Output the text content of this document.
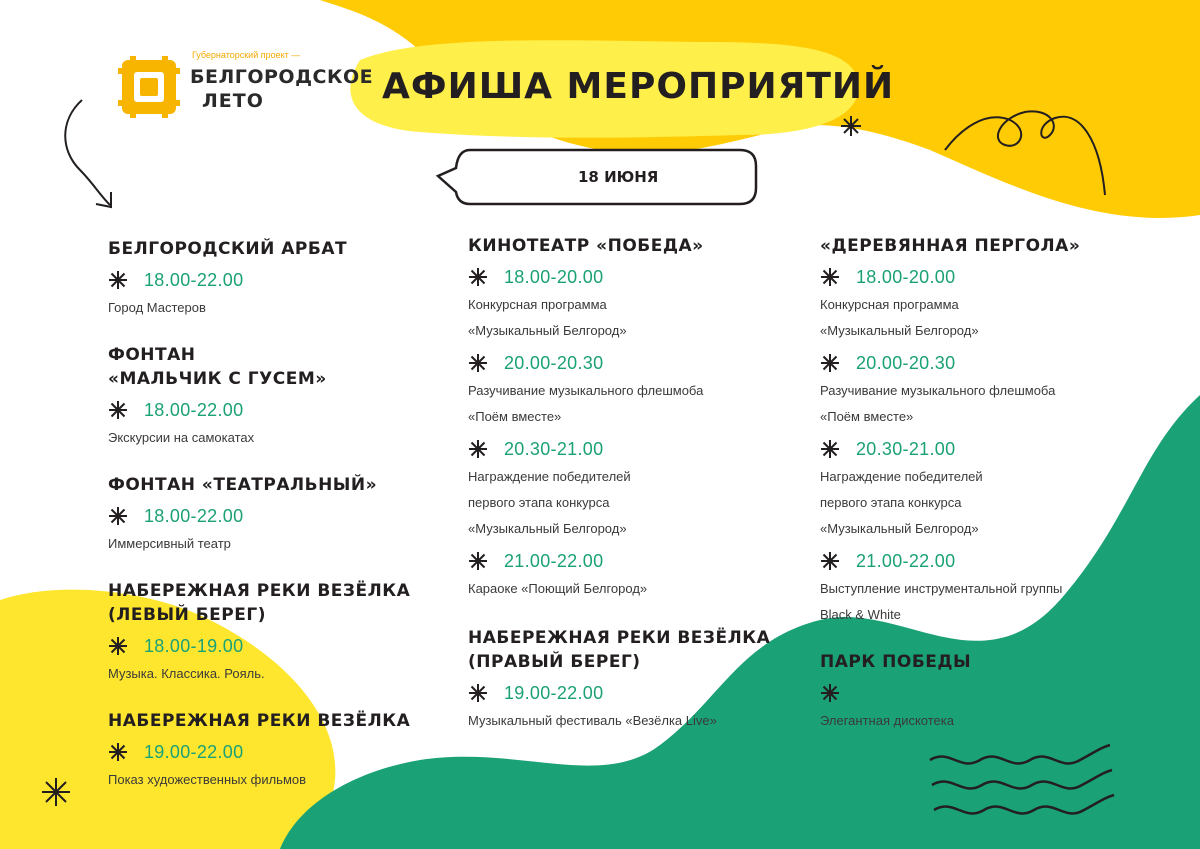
Губернаторский проект —
БЕЛГОРОДСКОЕ
ЛЕТО	АФИША МЕРОПРИЯТИЙ
18 ИЮНЯ
БЕЛГОРОДСКИЙ АРБАТ
18.00-22.00
Город Мастеров
ФОНТАН
«МАЛЬЧИК С ГУСЕМ»
18.00-22.00
Экскурсии на самокатах
ФОНТАН «ТЕАТРАЛЬНЫЙ»
18.00-22.00
Иммерсивный театр
НАБЕРЕЖНАЯ РЕКИ ВЕЗЁЛКА
(ЛЕВЫЙ БЕРЕГ)
18.00-19.00
Музыка. Классика. Рояль.
НАБЕРЕЖНАЯ РЕКИ ВЕЗЁЛКА
19.00-22.00
Показ художественных фильмов
КИНОТЕАТР «ПОБЕДА»
18.00-20.00
Конкурсная программа
«Музыкальный Белгород»
20.00-20.30
Разучивание музыкального флешмоба
«Поём вместе»
20.30-21.00
Награждение победителей
первого этапа конкурса
«Музыкальный Белгород»
21.00-22.00
Караоке «Поющий Белгород»
НАБЕРЕЖНАЯ РЕКИ ВЕЗЁЛКА
(ПРАВЫЙ БЕРЕГ)
19.00-22.00
Музыкальный фестиваль «Везёлка Live»
«ДЕРЕВЯННАЯ ПЕРГОЛА»
18.00-20.00
Конкурсная программа
«Музыкальный Белгород»
20.00-20.30
Разучивание музыкального флешмоба
«Поём вместе»
20.30-21.00
Награждение победителей
первого этапа конкурса
«Музыкальный Белгород»
21.00-22.00
Выступление инструментальной группы
Black & White
ПАРК ПОБЕДЫ
18.00-22.00
Элегантная дискотека
